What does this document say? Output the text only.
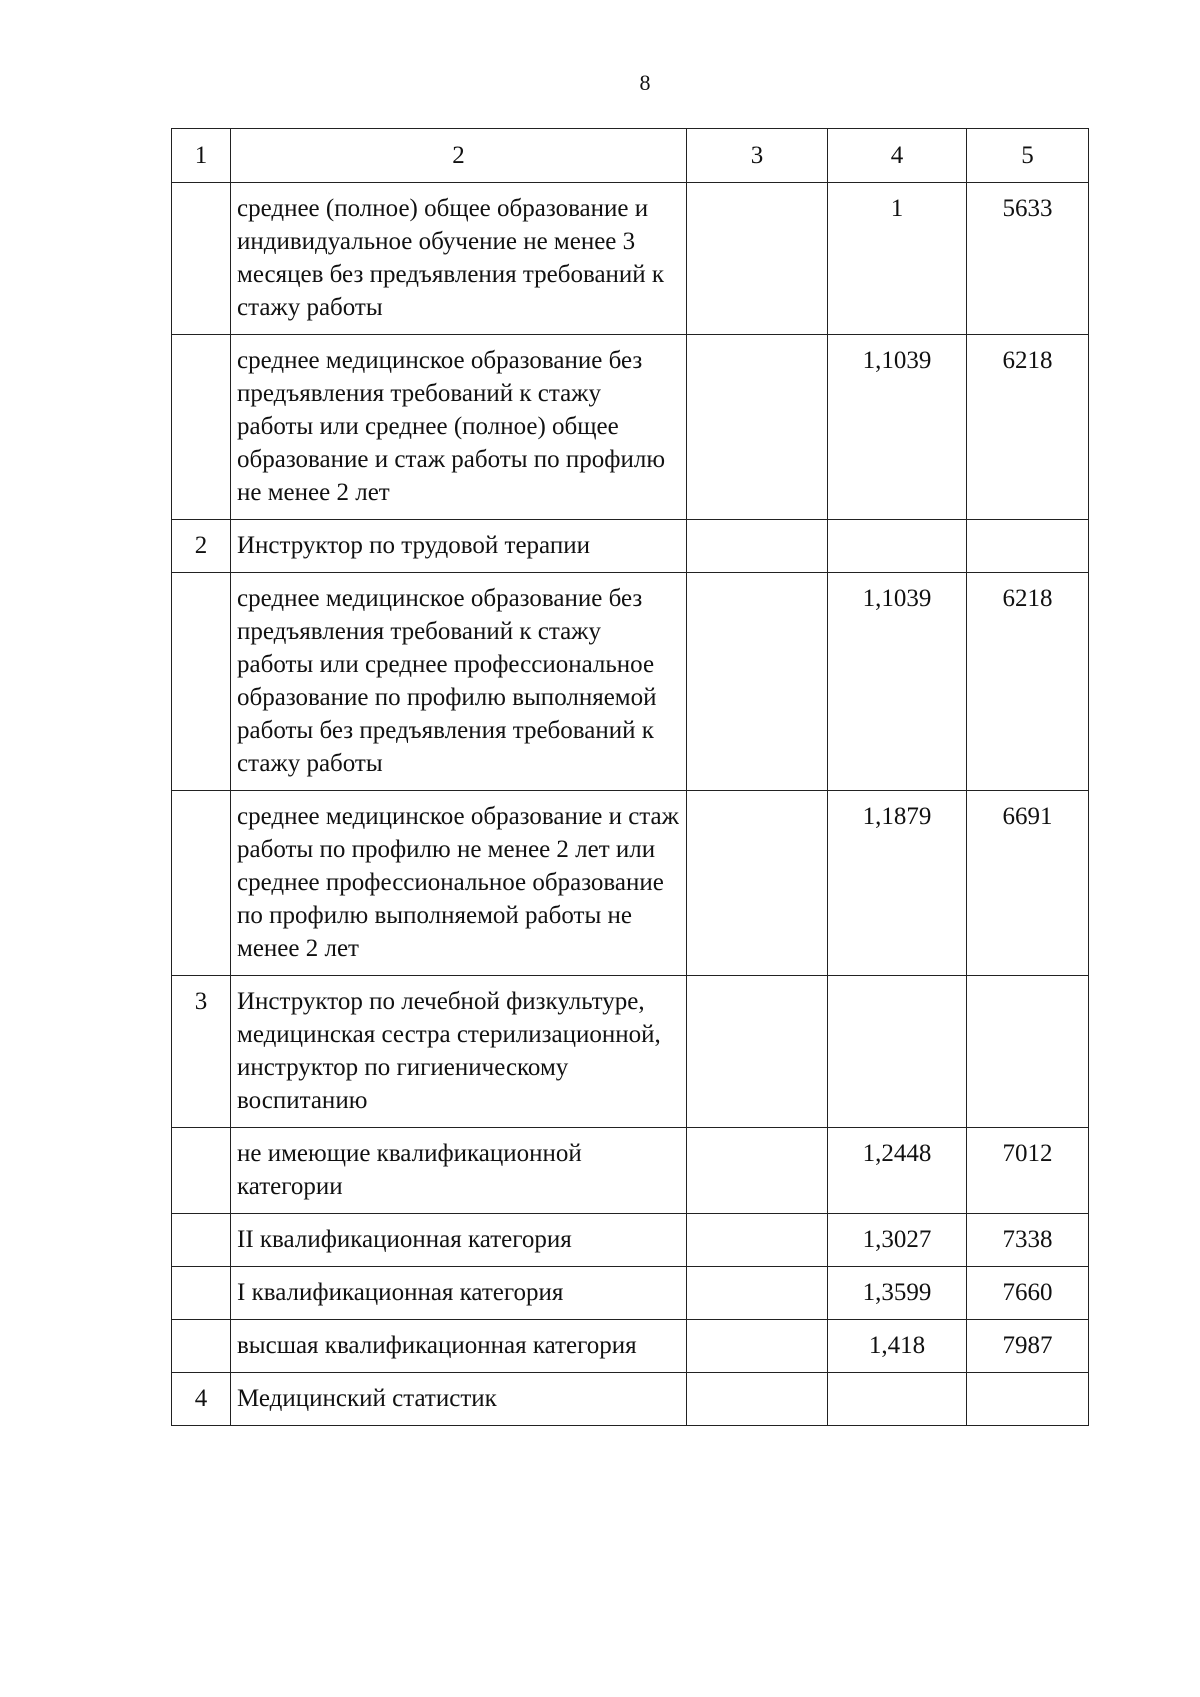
8
1	2	3	4	5
	среднее (полное) общее образование и индивидуальное обучение не менее 3 месяцев без предъявления требований к стажу работы		1	5633
	среднее медицинское образование без предъявления требований к стажу работы или среднее (полное) общее образование и стаж работы по профилю не менее 2 лет		1,1039	6218
2	Инструктор по трудовой терапии			
	среднее медицинское образование без предъявления требований к стажу работы или среднее профессиональное образование по профилю выполняемой работы без предъявления требований к стажу работы		1,1039	6218
	среднее медицинское образование и стаж работы по профилю не менее 2 лет или среднее профессиональное образование по профилю выполняемой работы не менее 2 лет		1,1879	6691
3	Инструктор по лечебной физкультуре, медицинская сестра стерилизационной, инструктор по гигиеническому воспитанию			
	не имеющие квалификационной категории		1,2448	7012
	II квалификационная категория		1,3027	7338
	I квалификационная категория		1,3599	7660
	высшая квалификационная категория		1,418	7987
4	Медицинский статистик			
